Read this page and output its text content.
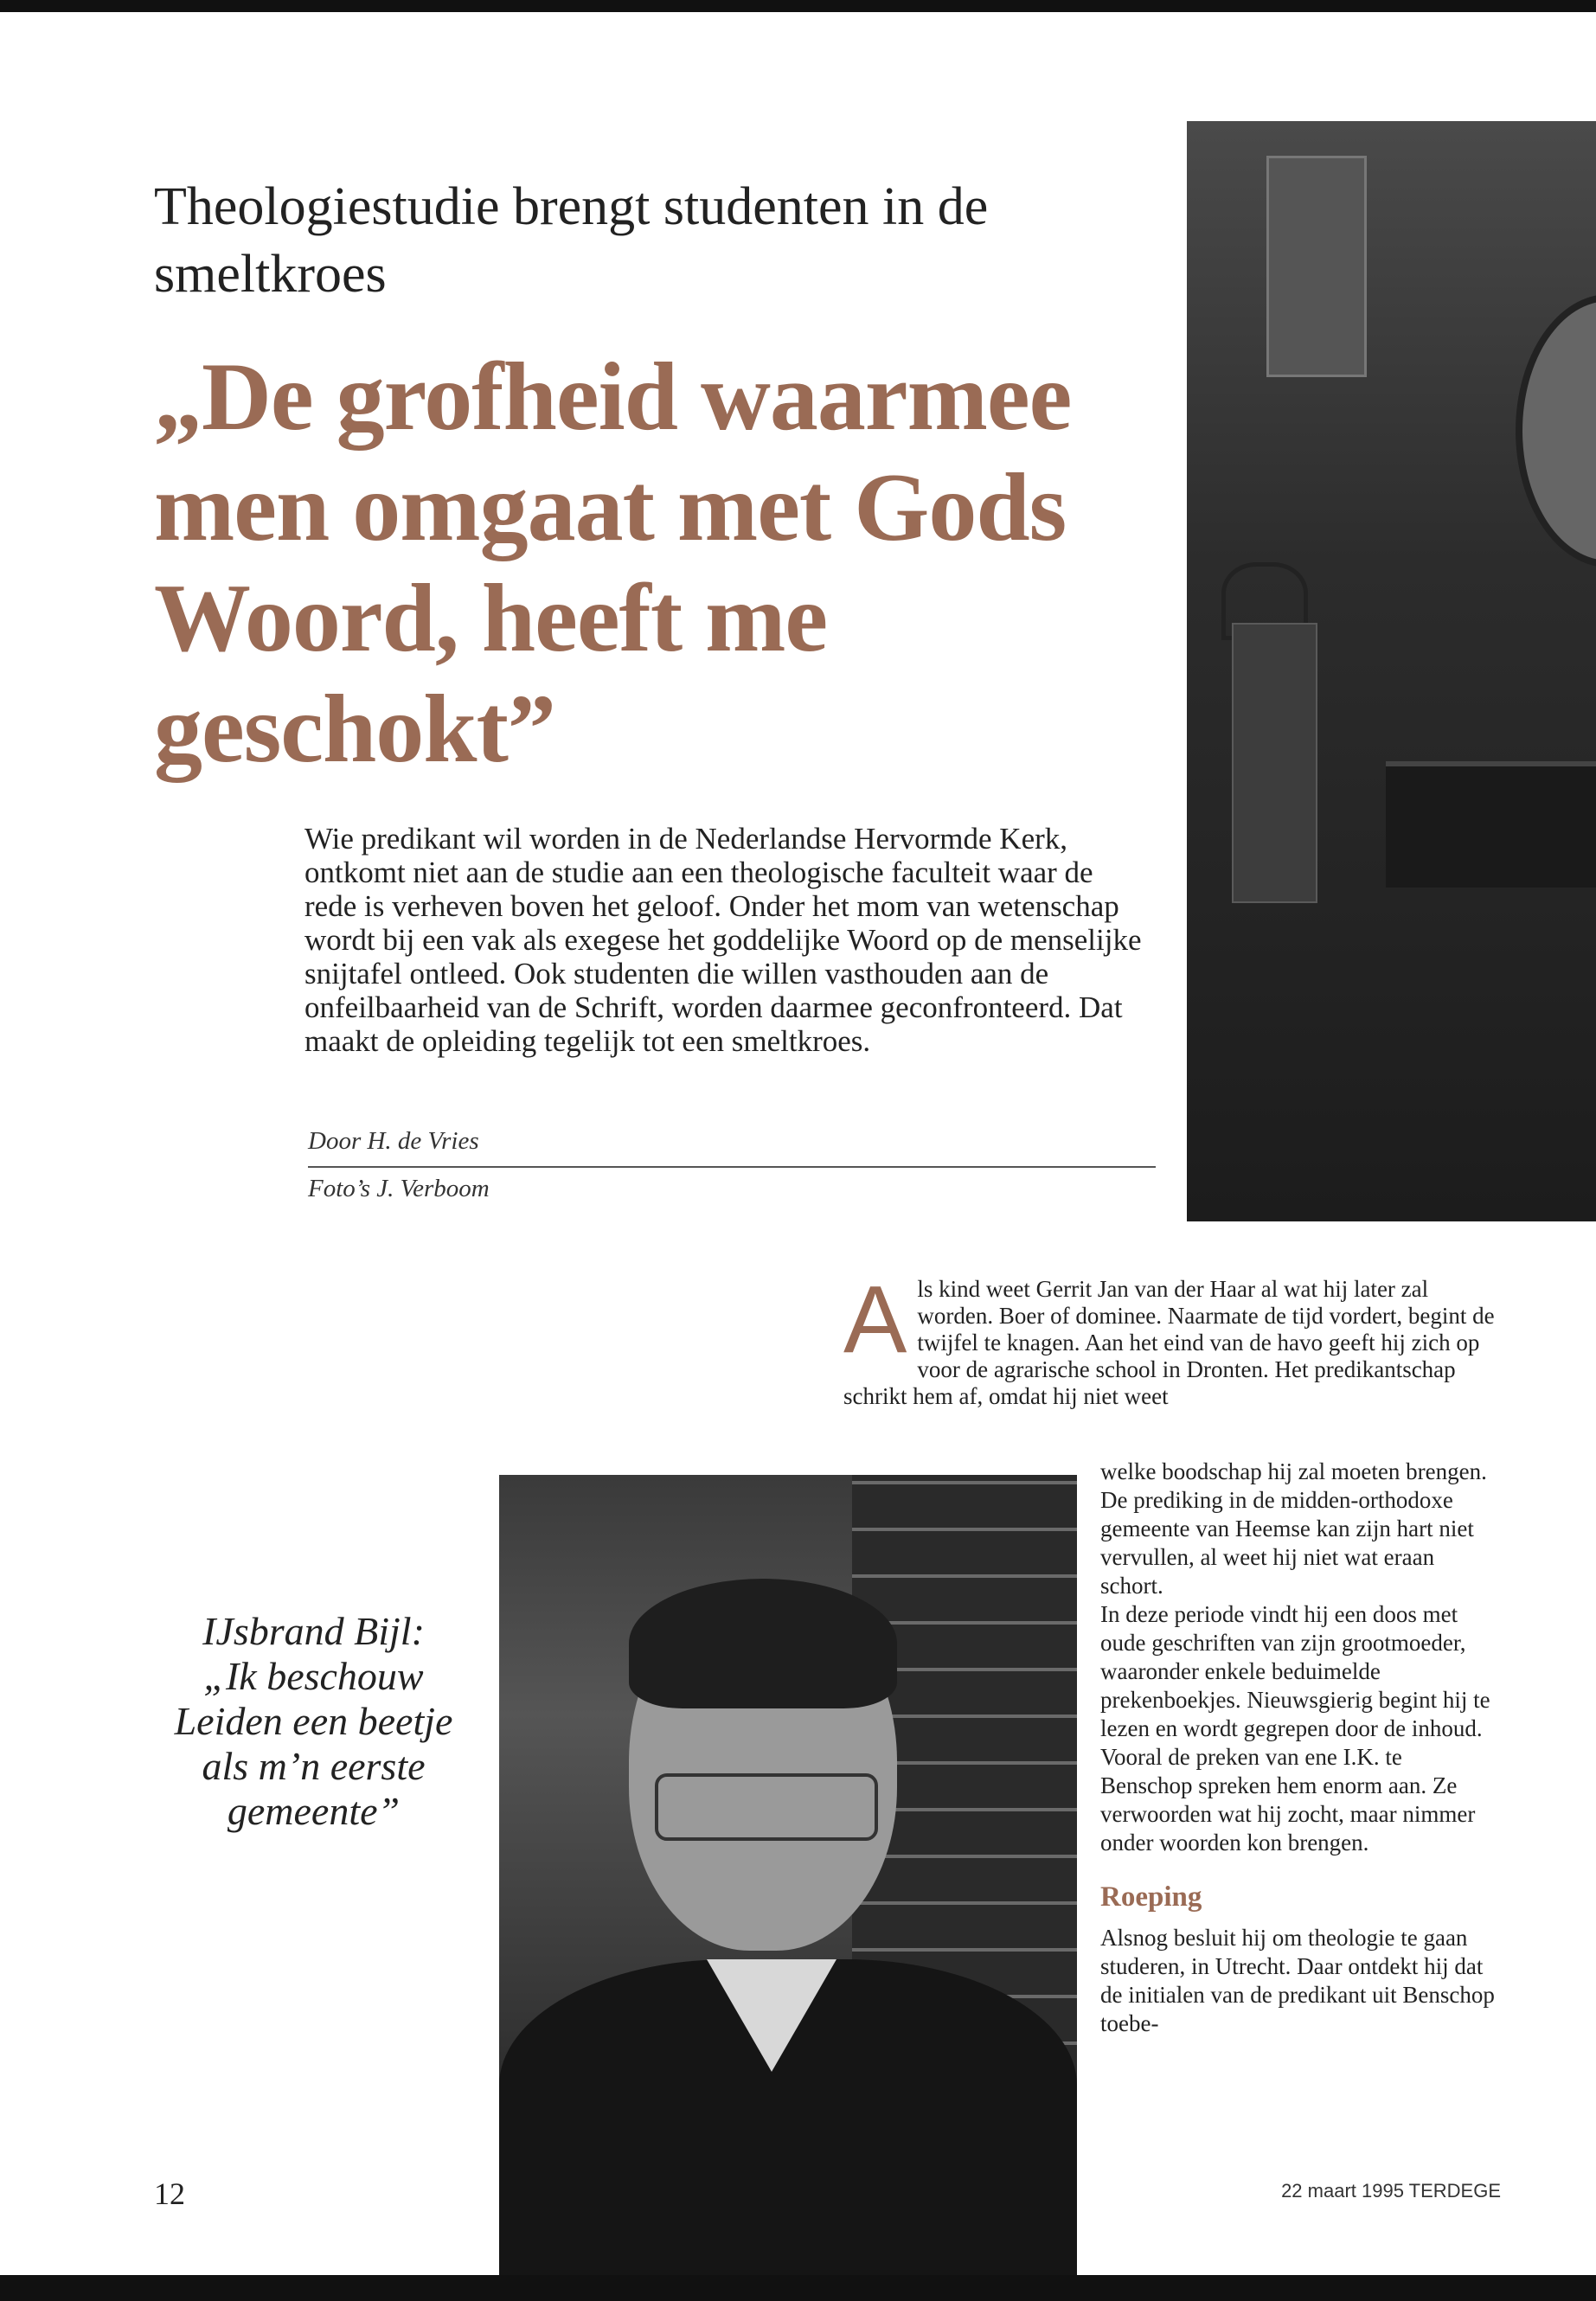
Theologiestudie brengt studenten in de smeltkroes
„De grofheid waarmee men omgaat met Gods Woord, heeft me geschokt”

Wie predikant wil worden in de Nederlandse Hervormde Kerk, ontkomt niet aan de studie aan een theologische faculteit waar de rede is verheven boven het geloof. Onder het mom van wetenschap wordt bij een vak als exegese het goddelijke Woord op de menselijke snijtafel ontleed. Ook studenten die willen vasthouden aan de onfeilbaarheid van de Schrift, worden daarmee geconfronteerd. Dat maakt de opleiding tegelijk tot een smeltkroes.

Door H. de Vries
Foto’s J. Verboom
A ls kind weet Gerrit Jan van der Haar al wat hij later zal worden. Boer of dominee. Naarmate de tijd vordert, begint de twijfel te knagen. Aan het eind van de havo geeft hij zich op voor de agrarische school in Dronten. Het predikantschap schrikt hem af, omdat hij niet weet
IJsbrand Bijl:
„Ik beschouw Leiden een beetje als m’n eerste gemeente”

welke boodschap hij zal moeten brengen. De prediking in de midden-orthodoxe gemeente van Heemse kan zijn hart niet vervullen, al weet hij niet wat eraan schort.

In deze periode vindt hij een doos met oude geschriften van zijn grootmoeder, waaronder enkele beduimelde prekenboekjes. Nieuwsgierig begint hij te lezen en wordt gegrepen door de inhoud. Vooral de preken van ene I.K. te Benschop spreken hem enorm aan. Ze verwoorden wat hij zocht, maar nimmer onder woorden kon brengen.

Roeping

Alsnog besluit hij om theologie te gaan studeren, in Utrecht. Daar ontdekt hij dat de initialen van de predikant uit Benschop toebe-

12	22 maart 1995 TERDEGE
